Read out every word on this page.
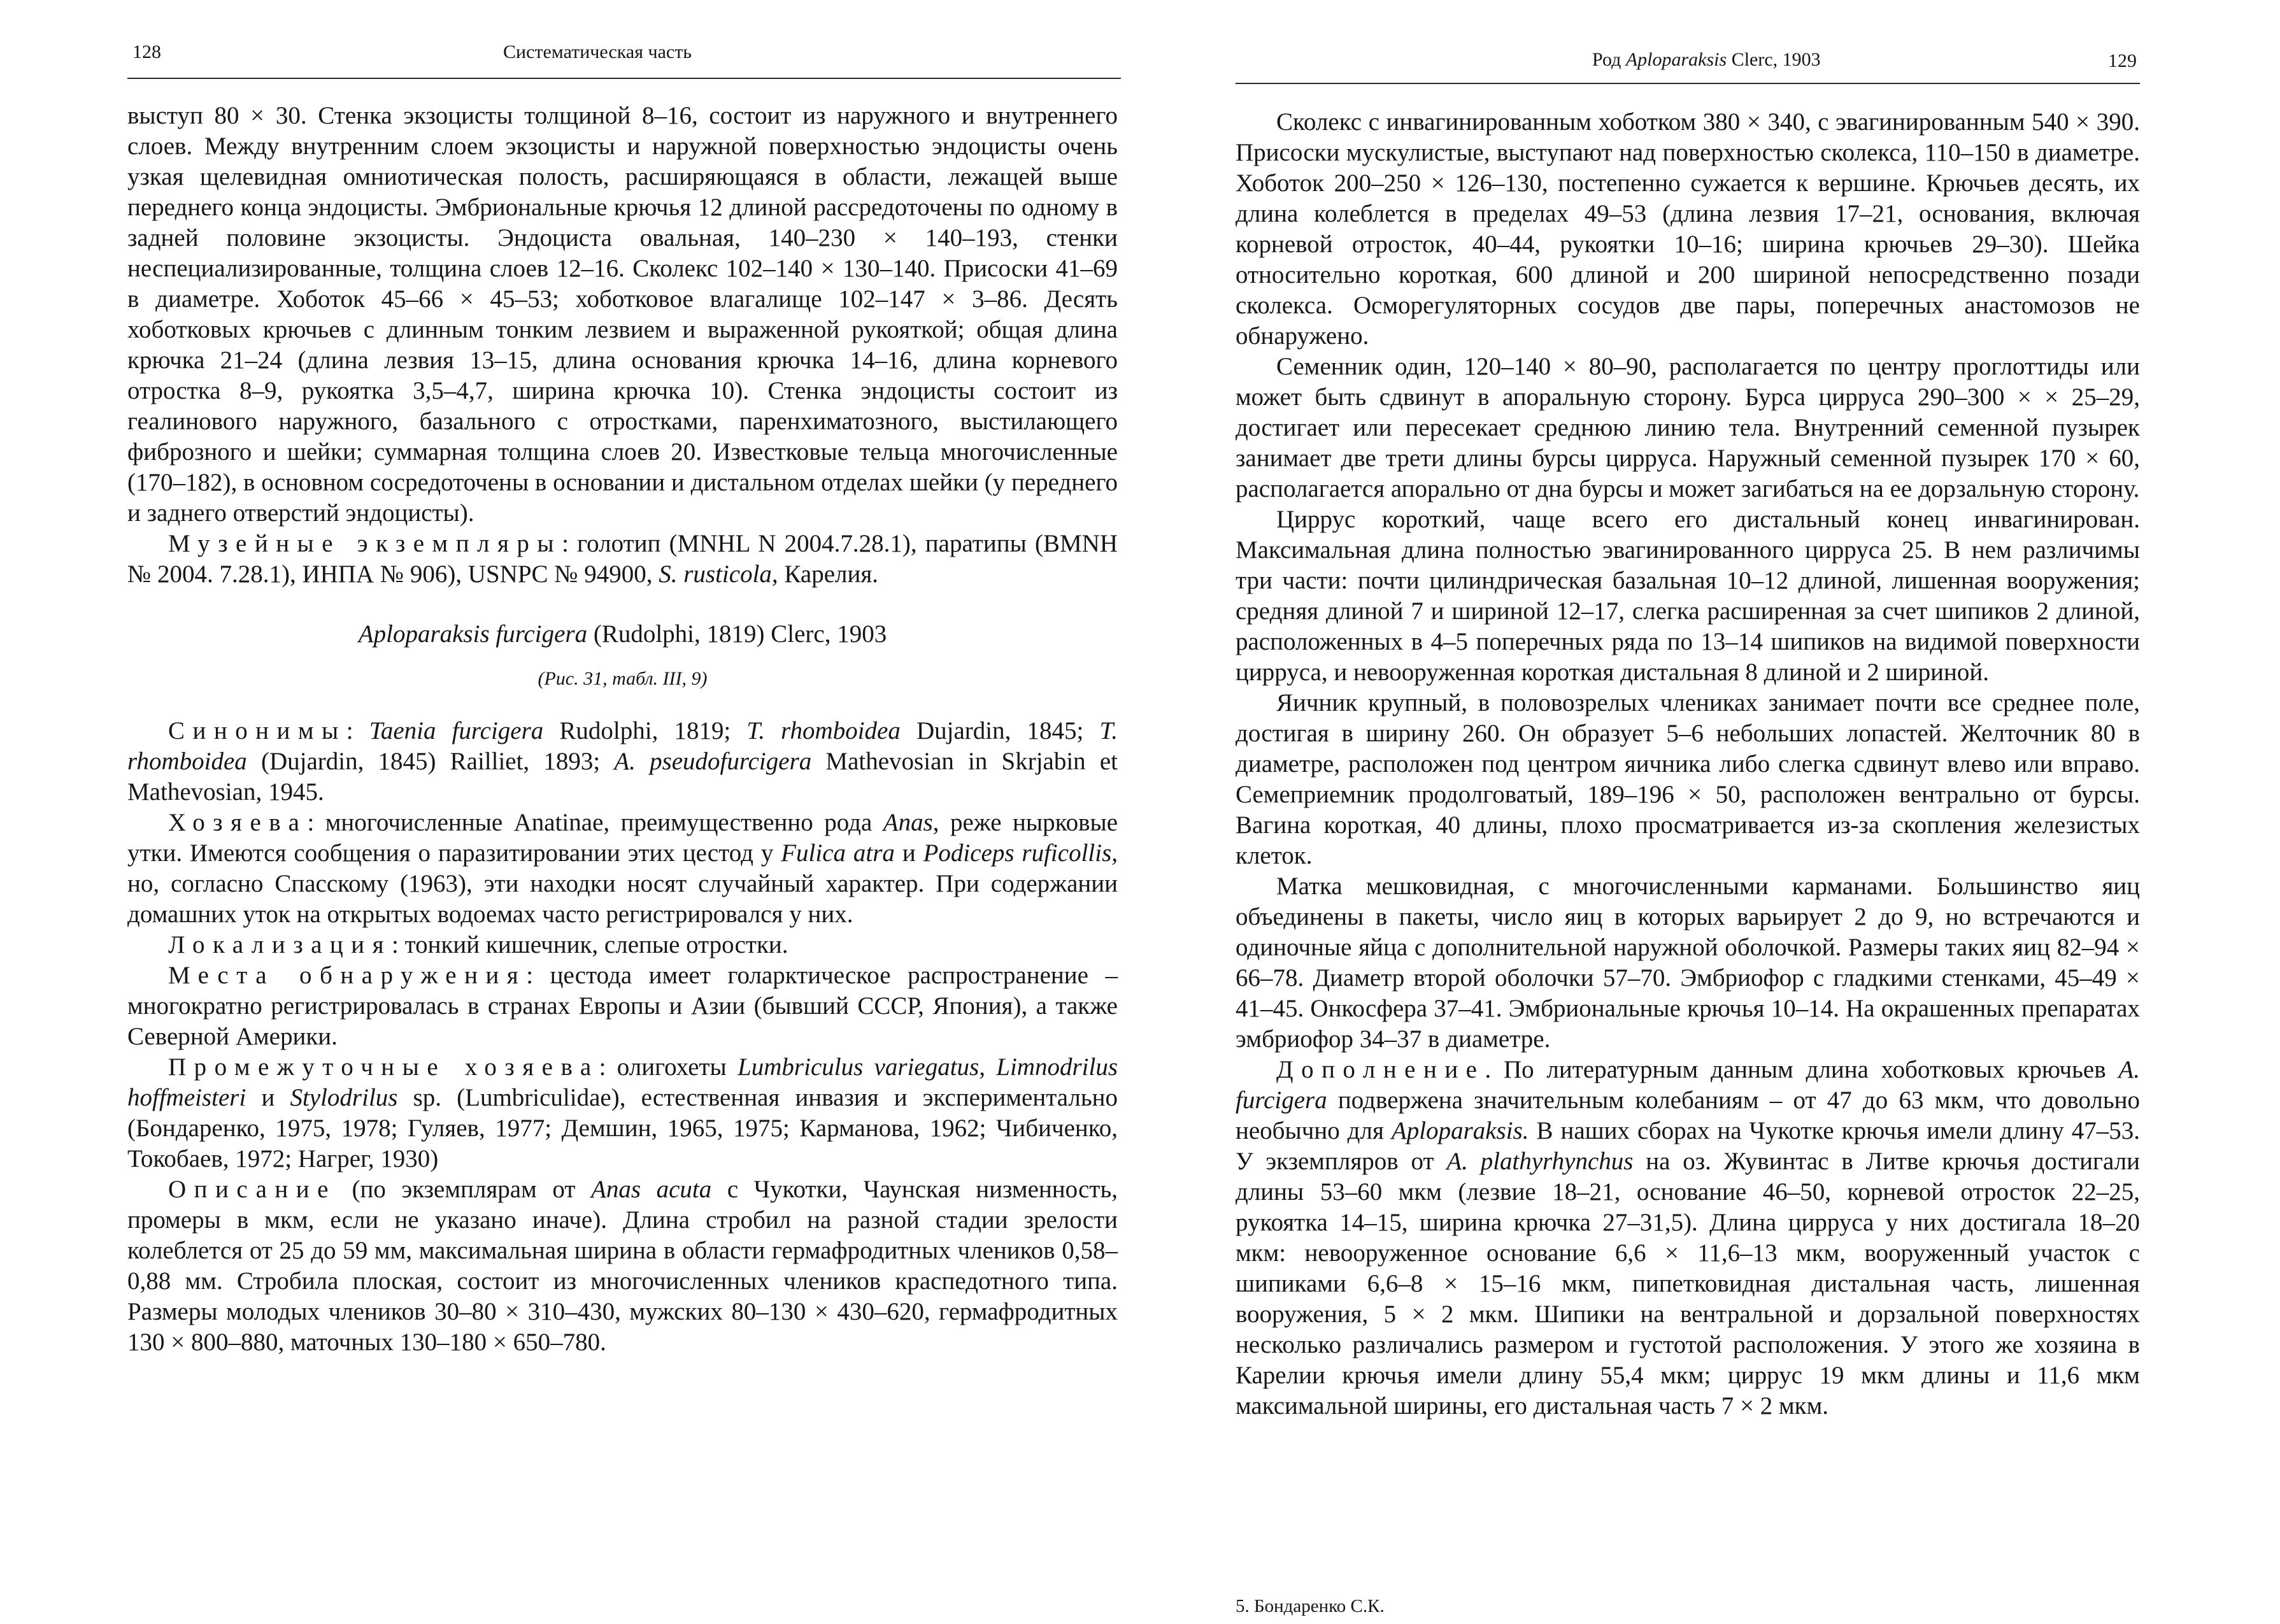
128	Систематическая часть

выступ 80 × 30. Стенка экзоцисты толщиной 8–16, состоит из наружного и внутреннего слоев. Между внутренним слоем экзоцисты и наружной поверхностью эндоцисты очень узкая щелевидная омниотическая полость, расширяющаяся в области, лежащей выше переднего конца эндоцисты. Эмбриональные крючья 12 длиной рассредоточены по одному в задней половине экзоцисты. Эндоциста овальная, 140–230 × 140–193, стенки неспециализированные, толщина слоев 12–16. Сколекс 102–140 × 130–140. Присоски 41–69 в диаметре. Хоботок 45–66 × 45–53; хоботковое влагалище 102–147 × 3–86. Десять хоботковых крючьев с длинным тонким лезвием и выраженной рукояткой; общая длина крючка 21–24 (длина лезвия 13–15, длина основания крючка 14–16, длина корневого отростка 8–9, рукоятка 3,5–4,7, ширина крючка 10). Стенка эндоцисты состоит из геалинового наружного, базального с отростками, паренхиматозного, выстилающего фиброзного и шейки; суммарная толщина слоев 20. Известковые тельца многочисленные (170–182), в основном сосредоточены в основании и дистальном отделах шейки (у переднего и заднего отверстий эндоцисты).

Музейные экземпляры: голотип (MNHL N 2004.7.28.1), паратипы (BMNH № 2004. 7.28.1), ИНПА № 906), USNPC № 94900, S. rusticola, Карелия.

Aploparaksis furcigera (Rudolphi, 1819) Clerc, 1903

(Рис. 31, табл. III, 9)

Синонимы: Taenia furcigera Rudolphi, 1819; T. rhomboidea Dujardin, 1845; T. rhomboidea (Dujardin, 1845) Railliet, 1893; A. pseudofurcigera Mathevosian in Skrjabin et Mathevosian, 1945.

Хозяева: многочисленные Anatinae, преимущественно рода Anas, реже нырковые утки. Имеются сообщения о паразитировании этих цестод у Fulica atra и Podiceps ruficollis, но, согласно Спасскому (1963), эти находки носят случайный характер. При содержании домашних уток на открытых водоемах часто регистрировался у них.

Локализация: тонкий кишечник, слепые отростки.

Места обнаружения: цестода имеет голарктическое распространение – многократно регистрировалась в странах Европы и Азии (бывший СССР, Япония), а также Северной Америки.

Промежуточные хозяева: олигохеты Lumbriculus variegatus, Limnodrilus hoffmeisteri и Stylodrilus sp. (Lumbriculidae), естественная инвазия и экспериментально (Бондаренко, 1975, 1978; Гуляев, 1977; Демшин, 1965, 1975; Карманова, 1962; Чибиченко, Токобаев, 1972; Нагрег, 1930)

Описание (по экземплярам от Anas acuta с Чукотки, Чаунская низменность, промеры в мкм, если не указано иначе). Длина стробил на разной стадии зрелости колеблется от 25 до 59 мм, максимальная ширина в области гермафродитных члеников 0,58–0,88 мм. Стробила плоская, состоит из многочисленных члеников краспедотного типа. Размеры молодых члеников 30–80 × 310–430, мужских 80–130 × 430–620, гермафродитных 130 × 800–880, маточных 130–180 × 650–780.

Род Aploparaksis Clerc, 1903	129

Сколекс с инвагинированным хоботком 380 × 340, с эвагинированным 540 × 390. Присоски мускулистые, выступают над поверхностью сколекса, 110–150 в диаметре. Хоботок 200–250 × 126–130, постепенно сужается к вершине. Крючьев десять, их длина колеблется в пределах 49–53 (длина лезвия 17–21, основания, включая корневой отросток, 40–44, рукоятки 10–16; ширина крючьев 29–30). Шейка относительно короткая, 600 длиной и 200 шириной непосредственно позади сколекса. Осморегуляторных сосудов две пары, поперечных анастомозов не обнаружено.

Семенник один, 120–140 × 80–90, располагается по центру проглоттиды или может быть сдвинут в апоральную сторону. Бурса цирруса 290–300 × × 25–29, достигает или пересекает среднюю линию тела. Внутренний семенной пузырек занимает две трети длины бурсы цирруса. Наружный семенной пузырек 170 × 60, располагается апорально от дна бурсы и может загибаться на ее дорзальную сторону.

Циррус короткий, чаще всего его дистальный конец инвагинирован. Максимальная длина полностью эвагинированного цирруса 25. В нем различимы три части: почти цилиндрическая базальная 10–12 длиной, лишенная вооружения; средняя длиной 7 и шириной 12–17, слегка расширенная за счет шипиков 2 длиной, расположенных в 4–5 поперечных ряда по 13–14 шипиков на видимой поверхности цирруса, и невооруженная короткая дистальная 8 длиной и 2 шириной.

Яичник крупный, в половозрелых члениках занимает почти все среднее поле, достигая в ширину 260. Он образует 5–6 небольших лопастей. Желточник 80 в диаметре, расположен под центром яичника либо слегка сдвинут влево или вправо. Семеприемник продолговатый, 189–196 × 50, расположен вентрально от бурсы. Вагина короткая, 40 длины, плохо просматривается из-за скопления железистых клеток.

Матка мешковидная, с многочисленными карманами. Большинство яиц объединены в пакеты, число яиц в которых варьирует 2 до 9, но встречаются и одиночные яйца с дополнительной наружной оболочкой. Размеры таких яиц 82–94 × 66–78. Диаметр второй оболочки 57–70. Эмбриофор с гладкими стенками, 45–49 × 41–45. Онкосфера 37–41. Эмбриональные крючья 10–14. На окрашенных препаратах эмбриофор 34–37 в диаметре.

Дополнение. По литературным данным длина хоботковых крючьев A. furcigera подвержена значительным колебаниям – от 47 до 63 мкм, что довольно необычно для Aploparaksis. В наших сборах на Чукотке крючья имели длину 47–53. У экземпляров от A. plathyrhynchus на оз. Жувинтас в Литве крючья достигали длины 53–60 мкм (лезвие 18–21, основание 46–50, корневой отросток 22–25, рукоятка 14–15, ширина крючка 27–31,5). Длина цирруса у них достигала 18–20 мкм: невооруженное основание 6,6 × 11,6–13 мкм, вооруженный участок с шипиками 6,6–8 × 15–16 мкм, пипетковидная дистальная часть, лишенная вооружения, 5 × 2 мкм. Шипики на вентральной и дорзальной поверхностях несколько различались размером и густотой расположения. У этого же хозяина в Карелии крючья имели длину 55,4 мкм; циррус 19 мкм длины и 11,6 мкм максимальной ширины, его дистальная часть 7 × 2 мкм.

5. Бондаренко С.К.
